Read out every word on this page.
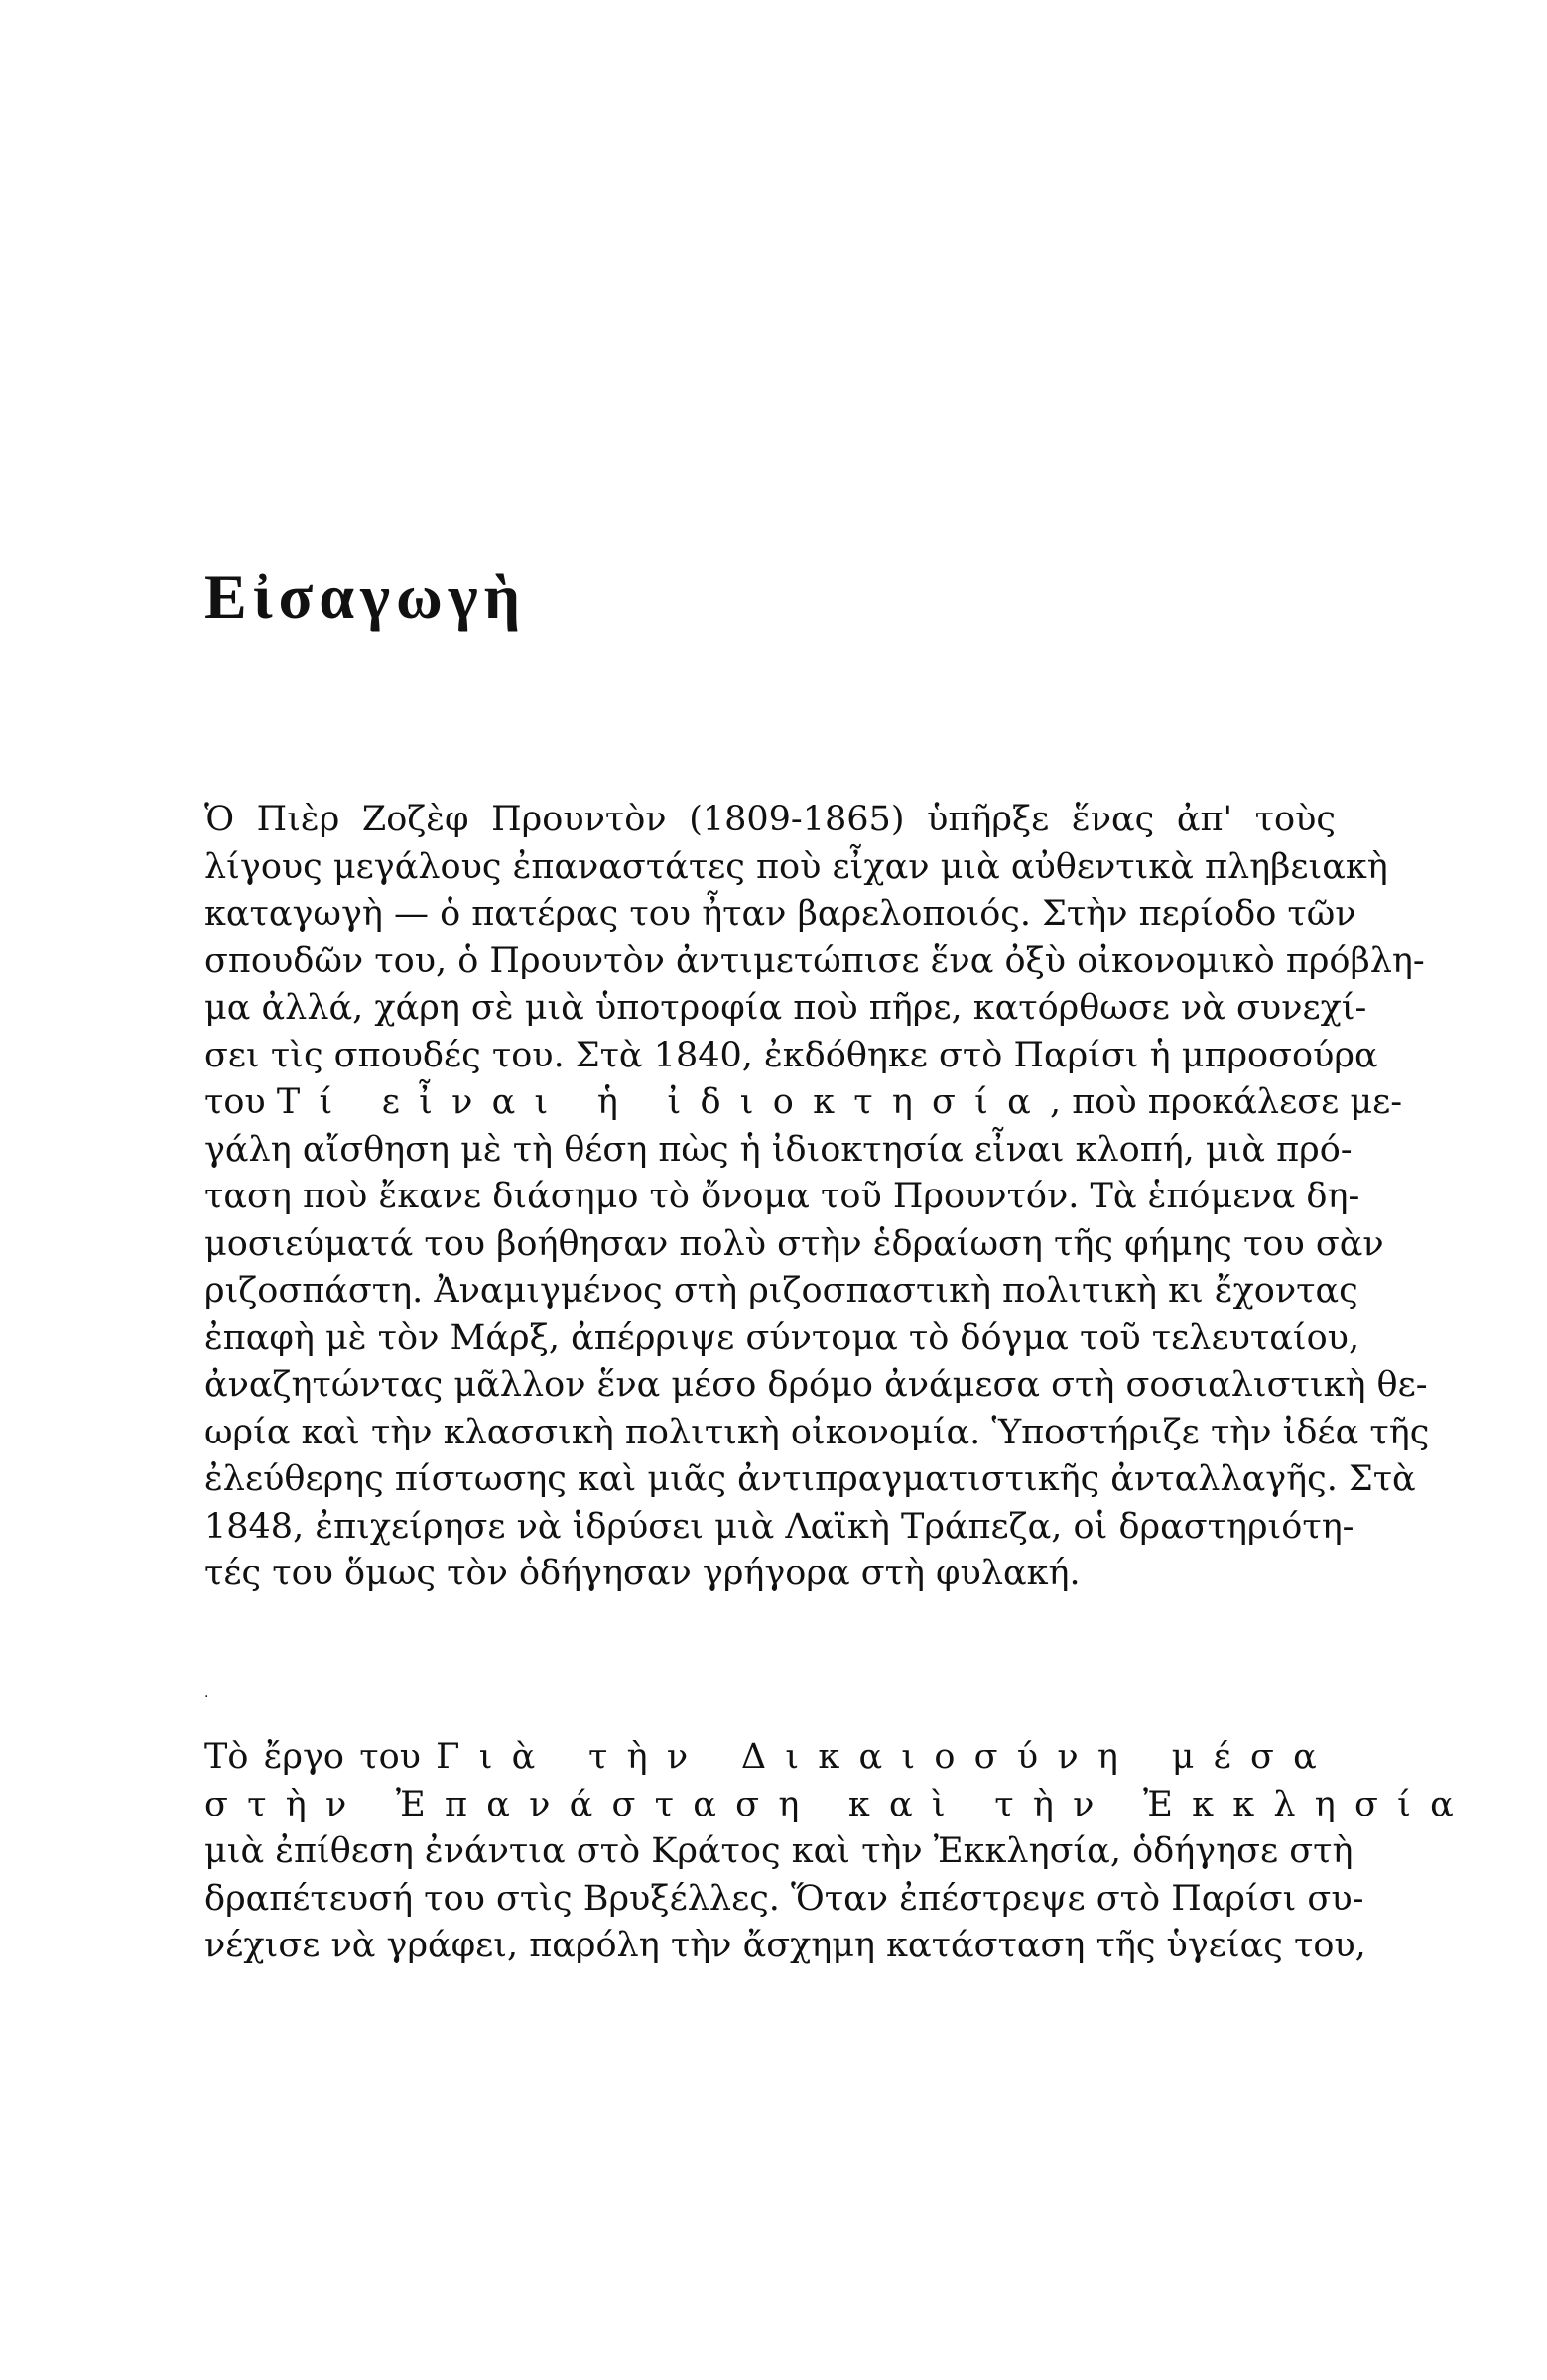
Εἰσαγωγὴ
Ὁ Πιὲρ Ζοζὲφ Προυντὸν (1809-1865) ὑπῆρξε ἕνας ἀπ' τοὺς
λίγους μεγάλους ἐπαναστάτες ποὺ εἶχαν μιὰ αὐθεντικὰ πληβειακὴ
καταγωγὴ — ὁ πατέρας του ἦταν βαρελοποιός. Στὴν περίοδο τῶν
σπουδῶν του, ὁ Προυντὸν ἀντιμετώπισε ἕνα ὀξὺ οἰκονομικὸ πρόβλη-
μα ἀλλά, χάρη σὲ μιὰ ὑποτροφία ποὺ πῆρε, κατόρθωσε νὰ συνεχί-
σει τὶς σπουδές του. Στὰ 1840, ἐκδόθηκε στὸ Παρίσι ἡ μπροσούρα
του Τί εἶναι ἡ ἰδιοκτησία, ποὺ προκάλεσε με-
γάλη αἴσθηση μὲ τὴ θέση πὼς ἡ ἰδιοκτησία εἶναι κλοπή, μιὰ πρό-
ταση ποὺ ἔκανε διάσημο τὸ ὄνομα τοῦ Προυντόν. Τὰ ἑπόμενα δη-
μοσιεύματά του βοήθησαν πολὺ στὴν ἑδραίωση τῆς φήμης του σὰν
ριζοσπάστη. Ἀναμιγμένος στὴ ριζοσπαστικὴ πολιτικὴ κι ἔχοντας
ἐπαφὴ μὲ τὸν Μάρξ, ἀπέρριψε σύντομα τὸ δόγμα τοῦ τελευταίου,
ἀναζητώντας μᾶλλον ἕνα μέσο δρόμο ἀνάμεσα στὴ σοσιαλιστικὴ θε-
ωρία καὶ τὴν κλασσικὴ πολιτικὴ οἰκονομία. Ὑποστήριζε τὴν ἰδέα τῆς
ἐλεύθερης πίστωσης καὶ μιᾶς ἀντιπραγματιστικῆς ἀνταλλαγῆς. Στὰ
1848, ἐπιχείρησε νὰ ἱδρύσει μιὰ Λαϊκὴ Τράπεζα, οἱ δραστηριότη-
τές του ὅμως τὸν ὁδήγησαν γρήγορα στὴ φυλακή.
·
Τὸ ἔργο του Γιὰ τὴν Δικαιοσύνη μέσα
στὴν Ἐπανάσταση καὶ τὴν Ἐκκλησία
μιὰ ἐπίθεση ἐνάντια στὸ Κράτος καὶ τὴν Ἐκκλησία, ὁδήγησε στὴ
δραπέτευσή του στὶς Βρυξέλλες. Ὅταν ἐπέστρεψε στὸ Παρίσι συ-
νέχισε νὰ γράφει, παρόλη τὴν ἄσχημη κατάσταση τῆς ὑγείας του,
